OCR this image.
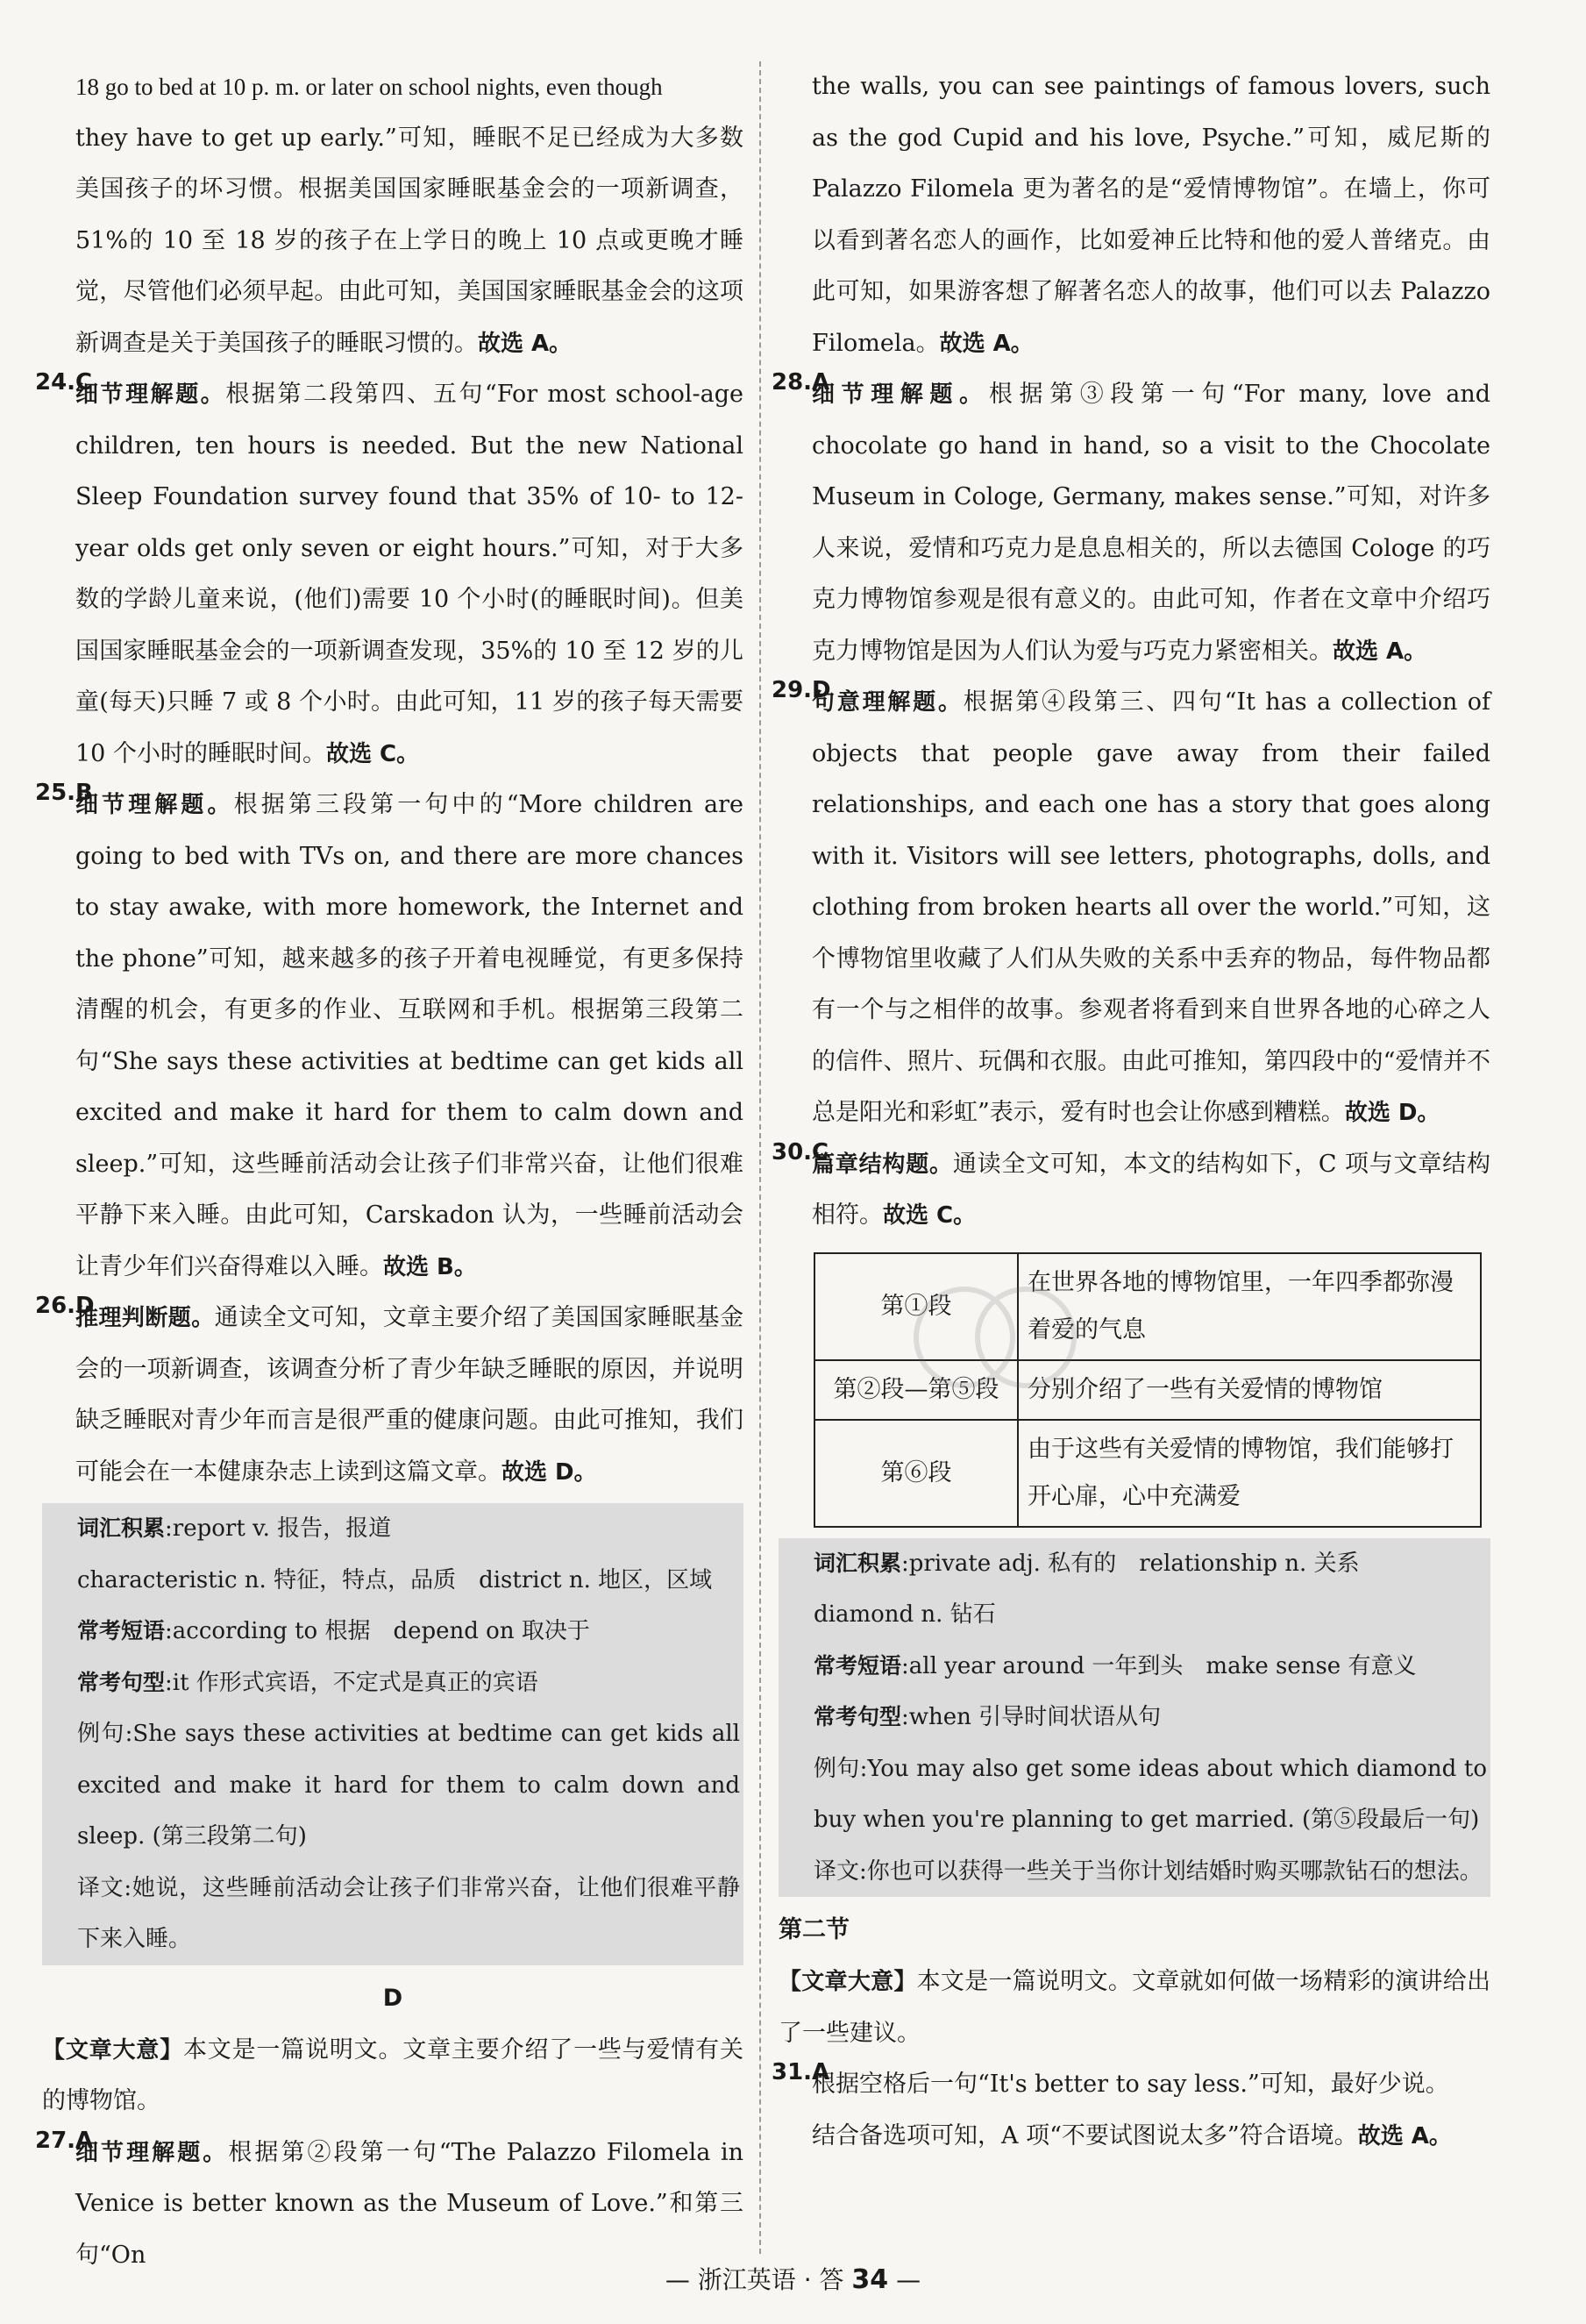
18 go to bed at 10 p. m. or later on school nights, even though

they have to get up early.”可知，睡眠不足已经成为大多数美国孩子的坏习惯。根据美国国家睡眠基金会的一项新调查，51%的 10 至 18 岁的孩子在上学日的晚上 10 点或更晚才睡觉，尽管他们必须早起。由此可知，美国国家睡眠基金会的这项新调查是关于美国孩子的睡眠习惯的。故选 A。

24.C

细节理解题。根据第二段第四、五句“For most school-age children, ten hours is needed. But the new National Sleep Foundation survey found that 35% of 10- to 12-year olds get only seven or eight hours.”可知，对于大多数的学龄儿童来说，(他们)需要 10 个小时(的睡眠时间)。但美国国家睡眠基金会的一项新调查发现，35%的 10 至 12 岁的儿童(每天)只睡 7 或 8 个小时。由此可知，11 岁的孩子每天需要 10 个小时的睡眠时间。故选 C。

25.B

细节理解题。根据第三段第一句中的“More children are going to bed with TVs on, and there are more chances to stay awake, with more homework, the Internet and the phone”可知，越来越多的孩子开着电视睡觉，有更多保持清醒的机会，有更多的作业、互联网和手机。根据第三段第二句“She says these activities at bedtime can get kids all excited and make it hard for them to calm down and sleep.”可知，这些睡前活动会让孩子们非常兴奋，让他们很难平静下来入睡。由此可知，Carskadon 认为，一些睡前活动会让青少年们兴奋得难以入睡。故选 B。

26.D

推理判断题。通读全文可知，文章主要介绍了美国国家睡眠基金会的一项新调查，该调查分析了青少年缺乏睡眠的原因，并说明缺乏睡眠对青少年而言是很严重的健康问题。由此可推知，我们可能会在一本健康杂志上读到这篇文章。故选 D。

词汇积累:report v. 报告，报道

characteristic n. 特征，特点，品质　district n. 地区，区域

常考短语:according to 根据　depend on 取决于

常考句型:it 作形式宾语，不定式是真正的宾语

例句:She says these activities at bedtime can get kids all excited and make it hard for them to calm down and sleep. (第三段第二句)

译文:她说，这些睡前活动会让孩子们非常兴奋，让他们很难平静下来入睡。

D

【文章大意】本文是一篇说明文。文章主要介绍了一些与爱情有关的博物馆。

27.A

细节理解题。根据第②段第一句“The Palazzo Filomela in Venice is better known as the Museum of Love.”和第三句“On

the walls, you can see paintings of famous lovers, such as the god Cupid and his love, Psyche.”可知，威尼斯的 Palazzo Filomela 更为著名的是“爱情博物馆”。在墙上，你可以看到著名恋人的画作，比如爱神丘比特和他的爱人普绪克。由此可知，如果游客想了解著名恋人的故事，他们可以去 Palazzo Filomela。故选 A。

28.A

细节理解题。根据第③段第一句“For many, love and chocolate go hand in hand, so a visit to the Chocolate Museum in Cologe, Germany, makes sense.”可知，对许多人来说，爱情和巧克力是息息相关的，所以去德国 Cologe 的巧克力博物馆参观是很有意义的。由此可知，作者在文章中介绍巧克力博物馆是因为人们认为爱与巧克力紧密相关。故选 A。

29.D

句意理解题。根据第④段第三、四句“It has a collection of objects that people gave away from their failed relationships, and each one has a story that goes along with it. Visitors will see letters, photographs, dolls, and clothing from broken hearts all over the world.”可知，这个博物馆里收藏了人们从失败的关系中丢弃的物品，每件物品都有一个与之相伴的故事。参观者将看到来自世界各地的心碎之人的信件、照片、玩偶和衣服。由此可推知，第四段中的“爱情并不总是阳光和彩虹”表示，爱有时也会让你感到糟糕。故选 D。

30.C

篇章结构题。通读全文可知，本文的结构如下，C 项与文章结构相符。故选 C。

第①段	在世界各地的博物馆里，一年四季都弥漫着爱的气息
第②段—第⑤段	分别介绍了一些有关爱情的博物馆
第⑥段	由于这些有关爱情的博物馆，我们能够打开心扉，心中充满爱

词汇积累:private adj. 私有的　relationship n. 关系

diamond n. 钻石

常考短语:all year around 一年到头　make sense 有意义

常考句型:when 引导时间状语从句

例句:You may also get some ideas about which diamond to buy when you're planning to get married. (第⑤段最后一句)

译文:你也可以获得一些关于当你计划结婚时购买哪款钻石的想法。

第二节

【文章大意】本文是一篇说明文。文章就如何做一场精彩的演讲给出了一些建议。

31.A

根据空格后一句“It's better to say less.”可知，最好少说。

结合备选项可知，A 项“不要试图说太多”符合语境。故选 A。

— 浙江英语 · 答 34 —
